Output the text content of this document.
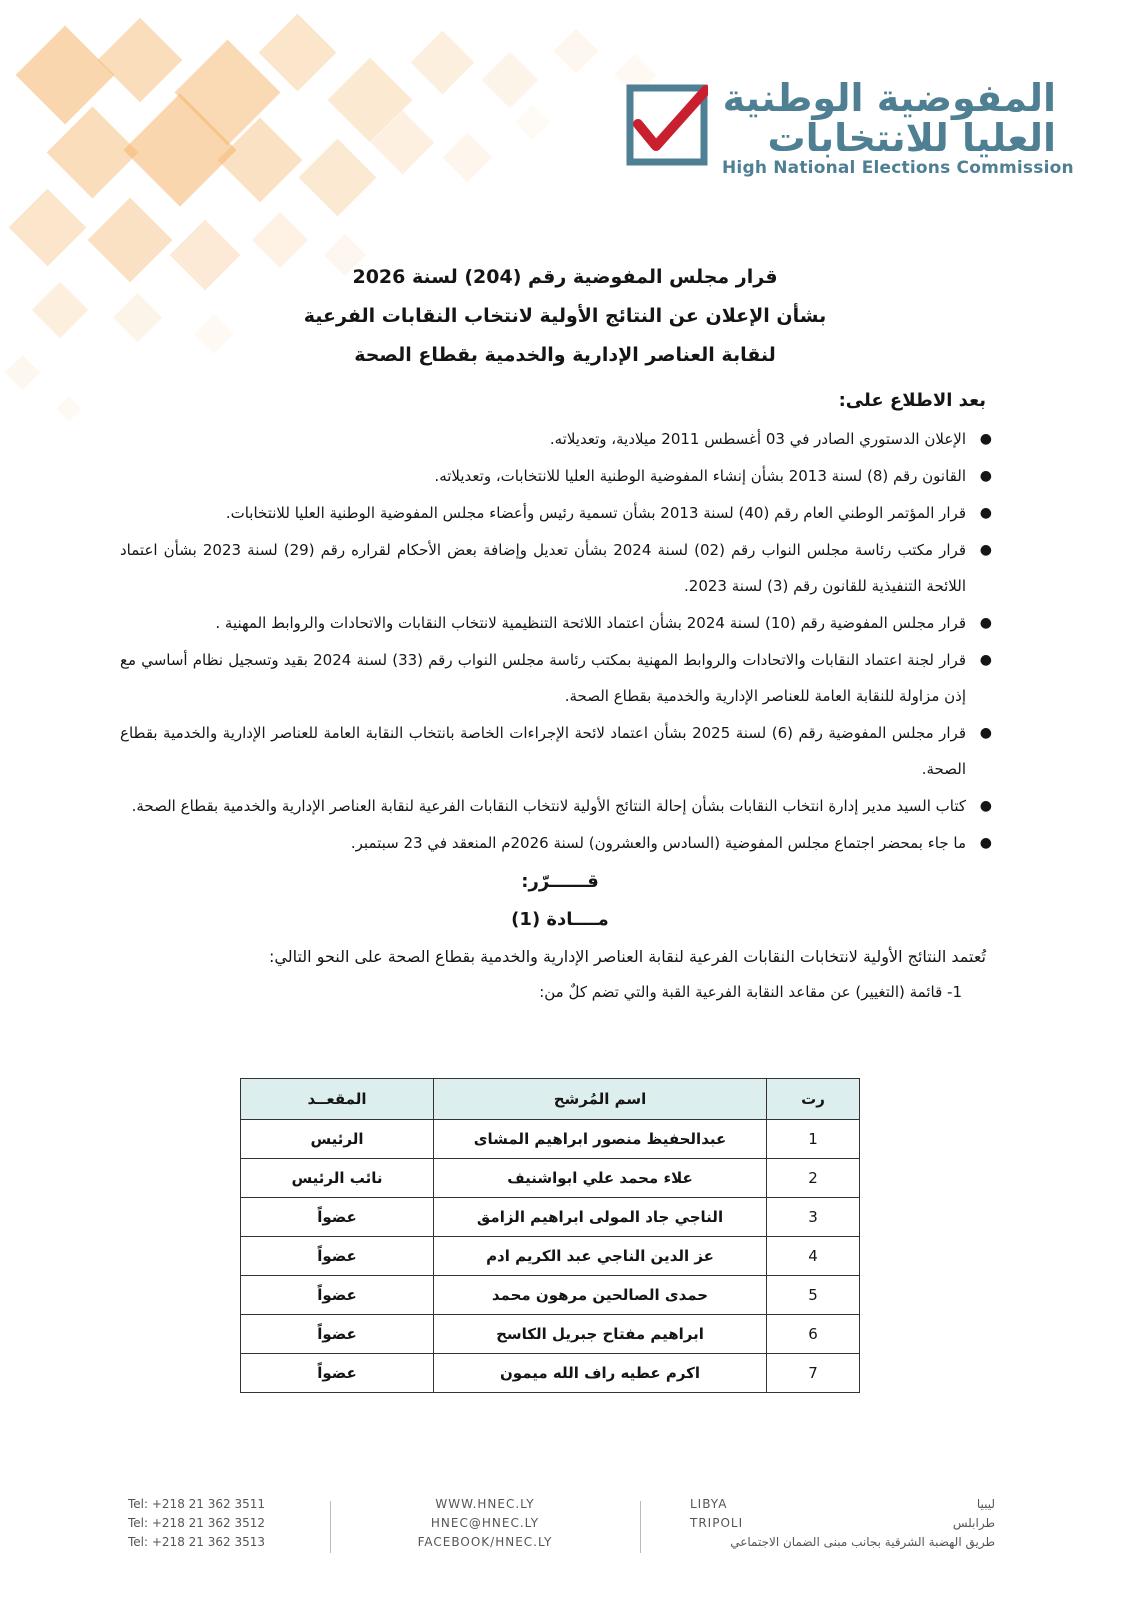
المفوضية الوطنية
العليا للانتخابات
High National Elections Commission
قرار مجلس المفوضية رقم (204) لسنة 2026
بشأن الإعلان عن النتائج الأولية لانتخاب النقابات الفرعية
لنقابة العناصر الإدارية والخدمية بقطاع الصحة
بعد الاطلاع على:
●
الإعلان الدستوري الصادر في 03 أغسطس 2011 ميلادية، وتعديلاته.
●
القانون رقم (8) لسنة 2013 بشأن إنشاء المفوضية الوطنية العليا للانتخابات، وتعديلاته.
●
قرار المؤتمر الوطني العام رقم (40) لسنة 2013 بشأن تسمية رئيس وأعضاء مجلس المفوضية الوطنية العليا للانتخابات.
●
قرار مكتب رئاسة مجلس النواب رقم (02) لسنة 2024 بشأن تعديل وإضافة بعض الأحكام لقراره رقم (29) لسنة 2023 بشأن اعتماد اللائحة التنفيذية للقانون رقم (3) لسنة 2023.
●
قرار مجلس المفوضية رقم (10) لسنة 2024 بشأن اعتماد اللائحة التنظيمية لانتخاب النقابات والاتحادات والروابط المهنية .
●
قرار لجنة اعتماد النقابات والاتحادات والروابط المهنية بمكتب رئاسة مجلس النواب رقم (33) لسنة 2024 بقيد وتسجيل نظام أساسي مع إذن مزاولة للنقابة العامة للعناصر الإدارية والخدمية بقطاع الصحة.
●
قرار مجلس المفوضية رقم (6) لسنة 2025 بشأن اعتماد لائحة الإجراءات الخاصة بانتخاب النقابة العامة للعناصر الإدارية والخدمية بقطاع الصحة.
●
كتاب السيد مدير إدارة انتخاب النقابات بشأن إحالة النتائج الأولية لانتخاب النقابات الفرعية لنقابة العناصر الإدارية والخدمية بقطاع الصحة.
●
ما جاء بمحضر اجتماع مجلس المفوضية (السادس والعشرون) لسنة 2026م المنعقد في 23 سبتمبر.
قــــــرّر:
مــــادة (1)
تُعتمد النتائج الأولية لانتخابات النقابات الفرعية لنقابة العناصر الإدارية والخدمية بقطاع الصحة على النحو التالي:
1- قائمة (التغيير) عن مقاعد النقابة الفرعية القبة والتي تضم كلٌ من:
رت	اسم المُرشح	المقعــد
1	عبدالحفيظ منصور ابراهيم المشاى	الرئيس
2	علاء محمد علي ابواشنيف	نائب الرئيس
3	الناجي جاد المولى ابراهيم الزامق	عضواً
4	عز الدين الناجي عبد الكريم ادم	عضواً
5	حمدى الصالحين مرهون محمد	عضواً
6	ابراهيم مفتاح جبريل الكاسح	عضواً
7	اكرم عطيه راف الله ميمون	عضواً
Tel: +218 21 362 3511
Tel: +218 21 362 3512
Tel: +218 21 362 3513
WWW.HNEC.LY
HNEC@HNEC.LY
FACEBOOK/HNEC.LY
LIBYA
TRIPOLI
ليبيا
طرابلس
طريق الهضبة الشرقية بجانب مبنى الضمان الاجتماعي
